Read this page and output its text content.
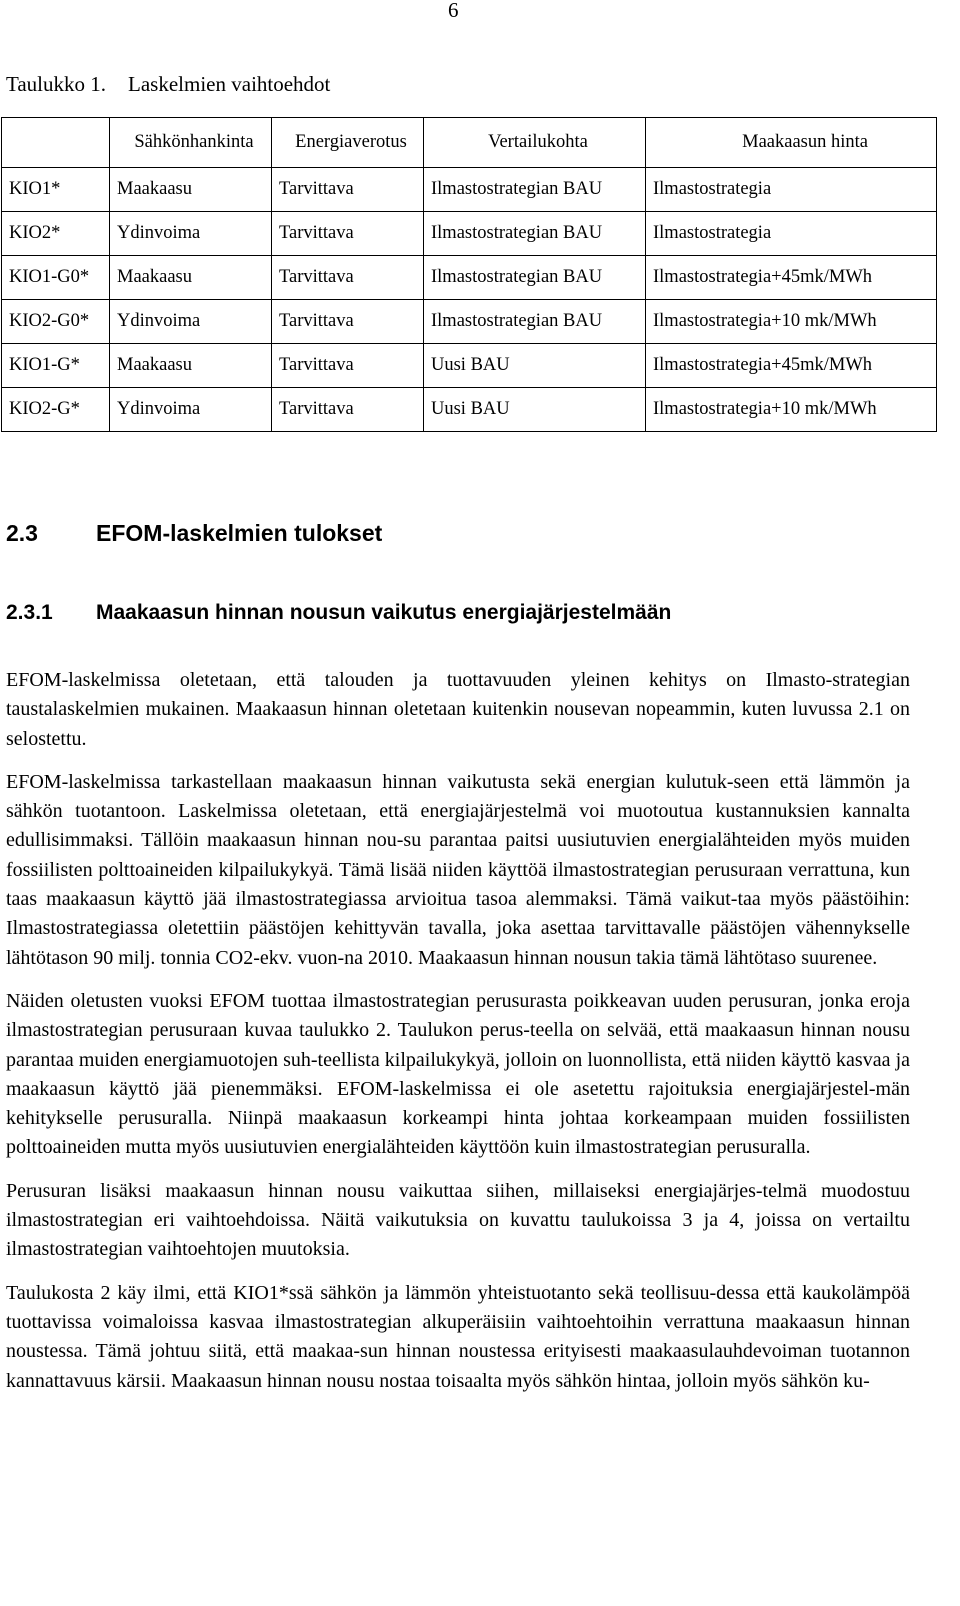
6
Taulukko 1. Laskelmien vaihtoehdot
	Sähkönhankinta	Energiaverotus	Vertailukohta	Maakaasun hinta
KIO1*	Maakaasu	Tarvittava	Ilmastostrategian BAU	Ilmastostrategia
KIO2*	Ydinvoima	Tarvittava	Ilmastostrategian BAU	Ilmastostrategia
KIO1-G0*	Maakaasu	Tarvittava	Ilmastostrategian BAU	Ilmastostrategia+45mk/MWh
KIO2-G0*	Ydinvoima	Tarvittava	Ilmastostrategian BAU	Ilmastostrategia+10 mk/MWh
KIO1-G*	Maakaasu	Tarvittava	Uusi BAU	Ilmastostrategia+45mk/MWh
KIO2-G*	Ydinvoima	Tarvittava	Uusi BAU	Ilmastostrategia+10 mk/MWh
2.3	EFOM-laskelmien tulokset
2.3.1 Maakaasun hinnan nousun vaikutus energiajärjestelmään

EFOM-laskelmissa oletetaan, että talouden ja tuottavuuden yleinen kehitys on Ilmasto-strategian taustalaskelmien mukainen. Maakaasun hinnan oletetaan kuitenkin nousevan nopeammin, kuten luvussa 2.1 on selostettu.

EFOM-laskelmissa tarkastellaan maakaasun hinnan vaikutusta sekä energian kulutuk-seen että lämmön ja sähkön tuotantoon. Laskelmissa oletetaan, että energiajärjestelmä voi muotoutua kustannuksien kannalta edullisimmaksi. Tällöin maakaasun hinnan nou-su parantaa paitsi uusiutuvien energialähteiden myös muiden fossiilisten polttoaineiden kilpailukykyä. Tämä lisää niiden käyttöä ilmastostrategian perusuraan verrattuna, kun taas maakaasun käyttö jää ilmastostrategiassa arvioitua tasoa alemmaksi. Tämä vaikut-taa myös päästöihin: Ilmastostrategiassa oletettiin päästöjen kehittyvän tavalla, joka asettaa tarvittavalle päästöjen vähennykselle lähtötason 90 milj. tonnia CO2-ekv. vuon-na 2010. Maakaasun hinnan nousun takia tämä lähtötaso suurenee.

Näiden oletusten vuoksi EFOM tuottaa ilmastostrategian perusurasta poikkeavan uuden perusuran, jonka eroja ilmastostrategian perusuraan kuvaa taulukko 2. Taulukon perus-teella on selvää, että maakaasun hinnan nousu parantaa muiden energiamuotojen suh-teellista kilpailukykyä, jolloin on luonnollista, että niiden käyttö kasvaa ja maakaasun käyttö jää pienemmäksi. EFOM-laskelmissa ei ole asetettu rajoituksia energiajärjestel-män kehitykselle perusuralla. Niinpä maakaasun korkeampi hinta johtaa korkeampaan muiden fossiilisten polttoaineiden mutta myös uusiutuvien energialähteiden käyttöön kuin ilmastostrategian perusuralla.

Perusuran lisäksi maakaasun hinnan nousu vaikuttaa siihen, millaiseksi energiajärjes-telmä muodostuu ilmastostrategian eri vaihtoehdoissa. Näitä vaikutuksia on kuvattu taulukoissa 3 ja 4, joissa on vertailtu ilmastostrategian vaihtoehtojen muutoksia.

Taulukosta 2 käy ilmi, että KIO1*ssä sähkön ja lämmön yhteistuotanto sekä teollisuu-dessa että kaukolämpöä tuottavissa voimaloissa kasvaa ilmastostrategian alkuperäisiin vaihtoehtoihin verrattuna maakaasun hinnan noustessa. Tämä johtuu siitä, että maakaa-sun hinnan noustessa erityisesti maakaasulauhdevoiman tuotannon kannattavuus kärsii. Maakaasun hinnan nousu nostaa toisaalta myös sähkön hintaa, jolloin myös sähkön ku-
